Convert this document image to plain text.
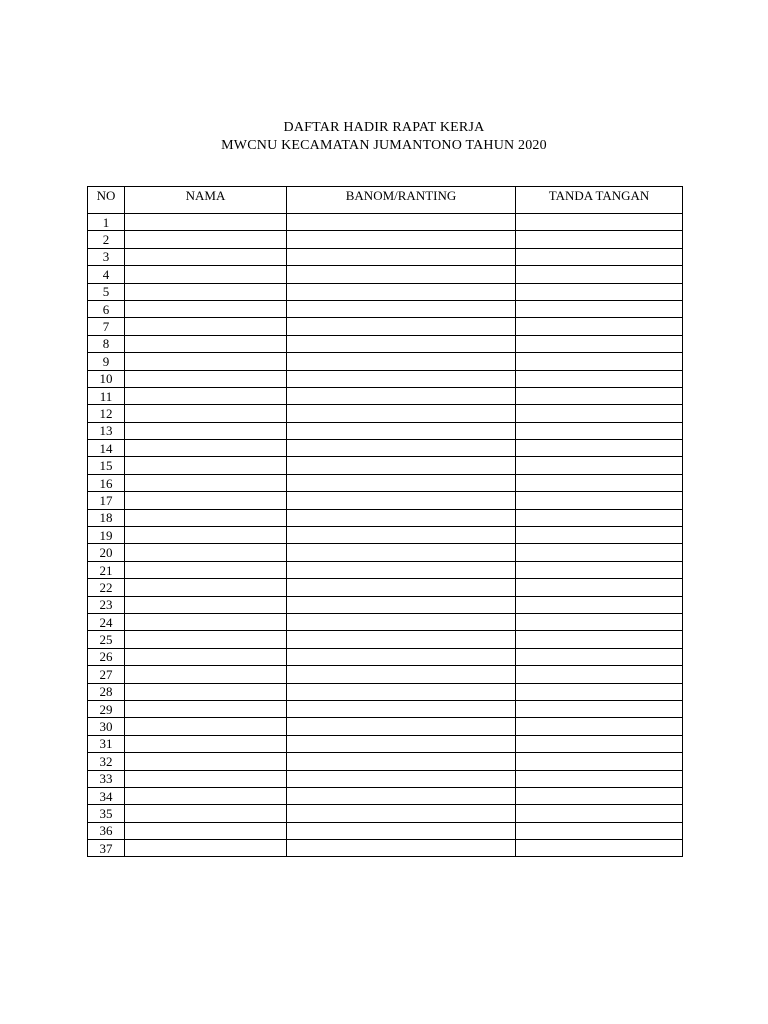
DAFTAR HADIR RAPAT KERJA
MWCNU KECAMATAN JUMANTONO TAHUN 2020
NO	NAMA	BANOM/RANTING	TANDA TANGAN
1			
2			
3			
4			
5			
6			
7			
8			
9			
10			
11			
12			
13			
14			
15			
16			
17			
18			
19			
20			
21			
22			
23			
24			
25			
26			
27			
28			
29			
30			
31			
32			
33			
34			
35			
36			
37			
